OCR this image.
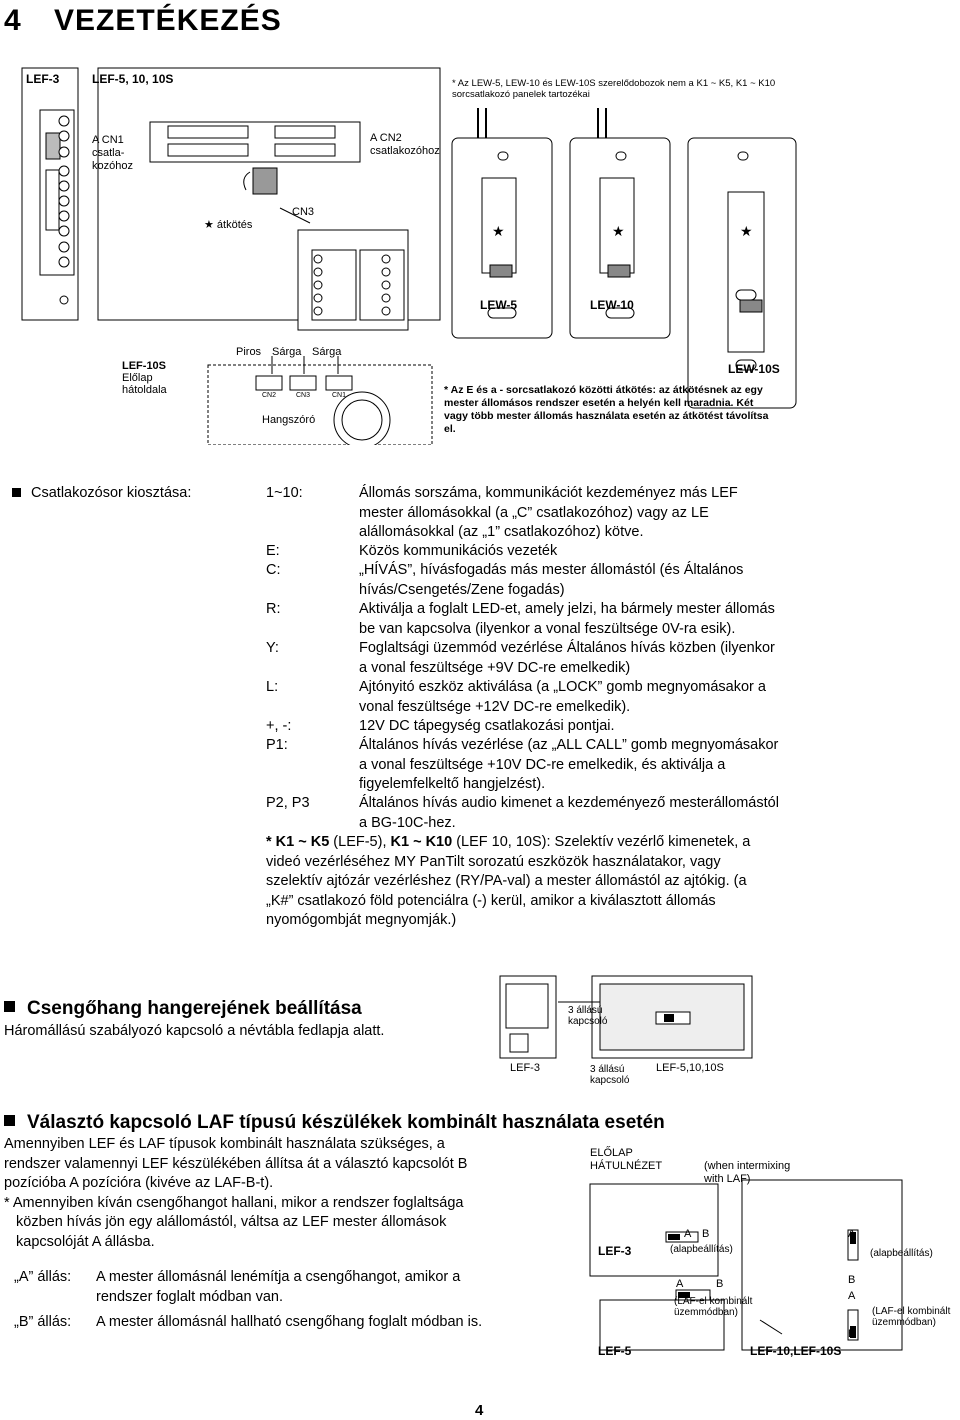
4 VEZETÉKEZÉS
★	★	★
LEF-3	LEF-5, 10, 10S
A CN1
csatla-
kozóhoz
A CN2
csatlakozóhoz
★ átkötés
CN3
* Az LEW-5, LEW-10 és LEW-10S szerelődobozok nem a K1 ~ K5, K1 ~ K10 sorcsatlakozó panelek tartozékai
LEW-5	LEW-10
LEW-10S
LEF-10S
Előlap
hátoldala
Piros Sárga Sárga
CN2	CN3	CN1
Hangszóró
* Az E és a - sorcsatlakozó közötti átkötés: az átkötésnek az egy mester állomásos rendszer esetén a helyén kell maradnia. Két vagy több mester állomás használata esetén az átkötést távolítsa el.
Csatlakozósor kiosztása:	1~10:	Állomás sorszáma, kommunikációt kezdeményez más LEF
mester állomásokkal (a „C” csatlakozóhoz) vagy az LE
alállomásokkal (az „1” csatlakozóhoz) kötve.
E:	Közös kommunikációs vezeték
C:	„HÍVÁS”, hívásfogadás más mester állomástól (és Általános
hívás/Csengetés/Zene fogadás)
R:	Aktiválja a foglalt LED-et, amely jelzi, ha bármely mester állomás
be van kapcsolva (ilyenkor a vonal feszültsége 0V-ra esik).
Y:	Foglaltsági üzemmód vezérlése Általános hívás közben (ilyenkor
a vonal feszültsége +9V DC-re emelkedik)
L:	Ajtónyitó eszköz aktiválása (a „LOCK” gomb megnyomásakor a
vonal feszültsége +12V DC-re emelkedik).
+, -:	12V DC tápegység csatlakozási pontjai.
P1:	Általános hívás vezérlése (az „ALL CALL” gomb megnyomásakor
a vonal feszültsége +10V DC-re emelkedik, és aktiválja a
figyelemfelkeltő hangjelzést).
P2, P3	Általános hívás audio kimenet a kezdeményező mesterállomástól
a BG-10C-hez.
* K1 ~ K5 (LEF-5), K1 ~ K10 (LEF 10, 10S): Szelektív vezérlő kimenetek, a
videó vezérléséhez MY PanTilt sorozatú eszközök használatakor, vagy
szelektív ajtózár vezérléshez (RY/PA-val) a mester állomástól az ajtókig. (a
„K#” csatlakozó föld potenciálra (-) kerül, amikor a kiválasztott állomás
nyomógombját megnyomják.)
Csengőhang hangerejének beállítása
Háromállású szabályozó kapcsoló a névtábla fedlapja alatt.
3 állású
kapcsoló
LEF-3	3 állású
kapcsoló
LEF-5,10,10S
Választó kapcsoló LAF típusú készülékek kombinált használata esetén
Amennyiben LEF és LAF típusok kombinált használata szükséges, a
rendszer valamennyi LEF készülékében állítsa át a választó kapcsolót B
pozícióba A pozícióra (kivéve az LAF-B-t).
* Amennyiben kíván csengőhangot hallani, mikor a rendszer foglaltsága
közben hívás jön egy alállomástól, váltsa az LEF mester állomások
kapcsolóját A állásba.
„A” állás: A mester állomásnál lenémítja a csengőhangot, amikor a
rendszer foglalt módban van.
„B” állás: A mester állomásnál hallható csengőhang foglalt módban is.
ELŐLAP
HÁTULNÉZET	(when intermixing
with LAF)
A B
LEF-3	(alapbeállítás)
A
(alapbeállítás)
B
A	B
(LAF-el kombinált
üzemmódban)
A
(LAF-el kombinált
üzemmódban)
B
LEF-5	LEF-10,LEF-10S
4
